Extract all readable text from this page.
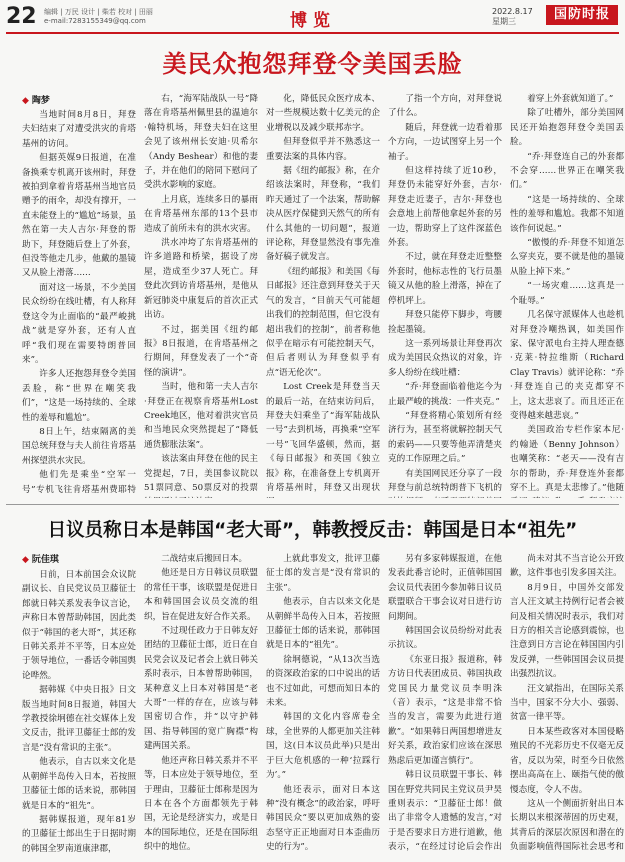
22 编辑 | 万民 设计 | 柴若 校对 | 田丽
e-mail:7283155349@qq.com	博览	2022.8.17
星期三	国防时报
美民众抱怨拜登令美国丢脸
◆ 陶梦

当地时间8月8日，拜登夫妇结束了对遭受洪灾的肯塔基州的访问。

但据英媒9日报道，在准备换乘专机离开该州时，拜登被拍到拿着肯塔基州当地官员赠予的雨伞，却没有撑开，一直未能登上的“尴尬”场景，虽然在第一夫人吉尔·拜登的帮助下，拜登随后登上了外套，但没等他走几步，他戴的墨镜又从脸上滑落……

面对这一场景，不少美国民众纷纷在线吐槽，有人称拜登这令为止面临的“最严峻挑战”就是穿外套，还有人直呼“我们现在需要特朗普回来”。

许多人还抱怨拜登令美国丢脸，称“世界在嘲笑我们”，“这是一场持续的、全球性的羞辱和尴尬”。

8日上午，结束隔离的美国总统拜登与夫人前往肯塔基州探望洪水灾民。

他们先是乘坐“空军一号”专机飞往肯塔基州费耶特

右，“海军陆战队一号”降落在肯塔基州佩里县的温迪尔·翰特机场，拜登夫妇在这里会见了该州州长安迪·贝希尔（Andy Beshear）和他的妻子，并在他们的陪同下慰问了受洪水影响的家庭。

上月底，连续多日的暴雨在肯塔基州东部的13个县市造成了前所未有的洪水灾害。

洪水冲垮了东肯塔基州的许多道路和桥梁，据设了房屋，造成至少37人死亡。拜登此次到访肯塔基州，是他从新冠肺炎中康复后的首次正式出访。

不过，据美国《纽约邮报》8日报道，在肯塔基州之行期间，拜登发表了一个“奇怪的演讲”。

当时，他和第一夫人吉尔·拜登正在视察肯塔基州Lost Creek地区，他对着洪灾官员和当地民众突然提起了“降低通货膨胀法案”。

该法案由拜登在他的民主党提起，7日，美国参议院以51票同意、50票反对的投票

化，降低民众医疗成本、对一些规模达数十亿美元的企业增税以及减少联邦赤字。

但拜登似乎并不熟悉这一重要法案的具体内容。

据《纽约邮报》称，在介绍该法案时，拜登称，“我们昨天通过了一个法案，帮助解决从医疗保健到天然气的所有什么其他的一切问题”，报道评论称，拜登显然没有事先准备好稿子就发言。

《纽约邮报》和美国《每日邮报》还注意到拜登关于天气的发言，“目前天气可能超出我们的控制范围，但它没有超出我们的控制”，前者称他似乎在暗示有可能控制天气，但后者则认为拜登似乎有点“语无伦次”。

Lost Creek是拜登当天的最后一站，在结束访问后，拜登夫妇乘坐了“海军陆战队一号”去到机场，再换乘“空军一号”飞回华盛顿，然而，据《每日邮报》和英国《独立报》称，在准备登上专机离开肯塔基州时，拜登又出现状

了指一个方向，对拜登说了什么。

随后，拜登就一边看着那个方向，一边试图穿上另一个袖子。

但这样持续了近10秒，拜登仍未能穿好外套，吉尔·拜登走近妻子，吉尔·拜登也会意地上前帮他拿起外套的另一边，帮助穿上了这件深蓝色外套。

不过，就在拜登走近整整外套时，他标志性的飞行员墨镜又从他的脸上滑落，掉在了停机坪上。

拜登只能停下脚步，弯腰捡起墨镜。

这一系列场景让拜登再次成为美国民众热议的对象，许多人纷纷在线吐槽：

“乔·拜登面临着他迄今为止最严峻的挑战：一件夹克。”

“拜登将精心策划所有经济行为，甚至将就解控制天气的索码——只要等他弄清楚夹克的工作原理之后。”

有美国网民还分享了一段拜登与前总统特朗普下飞机的

着穿上外套就知道了。”

除了吐槽外，部分美国网民还开始抱怨拜登令美国丢脸。

“乔·拜登连自己的外套都不会穿……世界正在嘲笑我们。”

“这是一场持续的、全球性的羞辱和尴尬。我都不知道该作何说起。”

“傲慢的乔·拜登不知道怎么穿夹克，要不就是他的墨镜从脸上掉下来。”

“一场灾难……这真是一个耻辱。”

几名保守派媒体人也趁机对拜登冷嘲热讽，如美国作家、保守派电台主持人理查德·克莱·特拉维斯（Richard Clay Travis）就评论称：“乔·拜登连自己的夹克都穿不上，这太悲哀了。而且还正在变得越来越悲哀。”

美国政治专栏作家本尼·约翰逊（Benny Johnson）也嘲笑称：“老天——没有吉尔的帮助，乔·拜登连外套都穿不上。真是太悲惨了。”他随

日议员称日本是韩国“老大哥”，韩教授反击：韩国是日本“祖先”
◆ 阮佳琪

日前，日本前国会众议院副议长、自民党议员卫藤征士郎就日韩关系发表争议言论，声称日本曾帮助韩国，因此类似于“韩国的老大哥”，其还称日韩关系并不平等，日本应处于领导地位，一番话令韩国舆论哗然。

据韩媒《中央日报》日文版当地时间8日报道，韩国大学教授徐坰德在社交媒体上发文反击，批评卫藤征士郎的发言是“没有常识的主张”。

他表示，自古以来文化是从朝鲜半岛传入日本，若按照卫藤征士郎的话来说，那韩国就是日本的“祖先”。

据韩媒报道，现年81岁的卫藤征士郎出生于日据时期的韩国全罗南道康津郡，

二战结束后搬回日本。

他还是日方日韩议员联盟的常任干事，该联盟是促进日本和韩国国会议员交流的组织，旨在促进友好合作关系。

不过现任政力于日韩友好团结的卫藤征士郎，近日在自民党会议及记者会上就日韩关系时表示，日本曾帮助韩国，某种意义上日本对韩国是“老大哥”一样的存在，应该与韩国密切合作，并“以守护韩国、指导韩国的宽广胸襟”构建两国关系。

他还声称日韩关系并不平等，日本应处于领导地位，至于理由，卫藤征士郎称是因为日本在各个方面都领先于韩国，无论是经济实力，或是日本的国际地位，还是在国际组织中的地位。

上就此事发文，批评卫藤征士郎的发言是“没有常识的主张”。

他表示，自古以来文化是从朝鲜半岛传入日本，若按照卫藤征士郎的话来说，那韩国就是日本的“祖先”。

徐坰德说，“从13次当选的资深政治家的口中说出的话也不过如此，可想而知日本的未来。

韩国的文化内容席卷全球，全世界的人都更加关注韩国，这(日本议员此举)只是出于巨大危机感的一种‘拉踩行为’。”

他还表示，面对日本这种“没有概念”的政治家，呼吁韩国民众“要以更加成熟的姿态坚守正正地面对日本歪曲历史的行为”。

另有多家韩媒报道，在他发表此番言论时，正值韩国国会议员代表团今参加韩日议员联盟联合干事会议对日进行访问期间。

韩国国会议员纷纷对此表示抗议。

《东亚日报》报道称，韩方访日代表团成员、韩国执政党国民力量党议员李明洙（音）表示，“这是非常不恰当的发言，需要为此进行道歉”。“如果韩日两国想增进友好关系，政治家们应该在深思熟虑后更加谨言慎行”。

韩日议员联盟干事长、韩国在野党共同民主党议员尹昊重则表示：“卫藤征士郎！做出了非常令人遗憾的发言，”对于是否要求日方进行道歉，他表示，“在经过讨论后会作出

尚未对其不当言论公开致歉，这件事也引发多国关注。

8月9日，中国外交部发言人汪文斌主持例行记者会被问及相关情况时表示，我们对日方的相关言论感到震惊，也注意到日方言论在韩国国内引发反弹，一些韩国国会议员提出强烈抗议。

汪文斌指出，在国际关系当中，国家不分大小、强弱、贫富一律平等。

日本某些政客对本国侵略殖民的不光彩历史不仅毫无反省，反以为荣，时至今日依然摆出高高在上、颐指气使的傲慢态度，令人不齿。

这从一个侧面折射出日本长期以来根深蒂固的历史观，其背后的深层次原因和潜在的负面影响值得国际社会思考和
